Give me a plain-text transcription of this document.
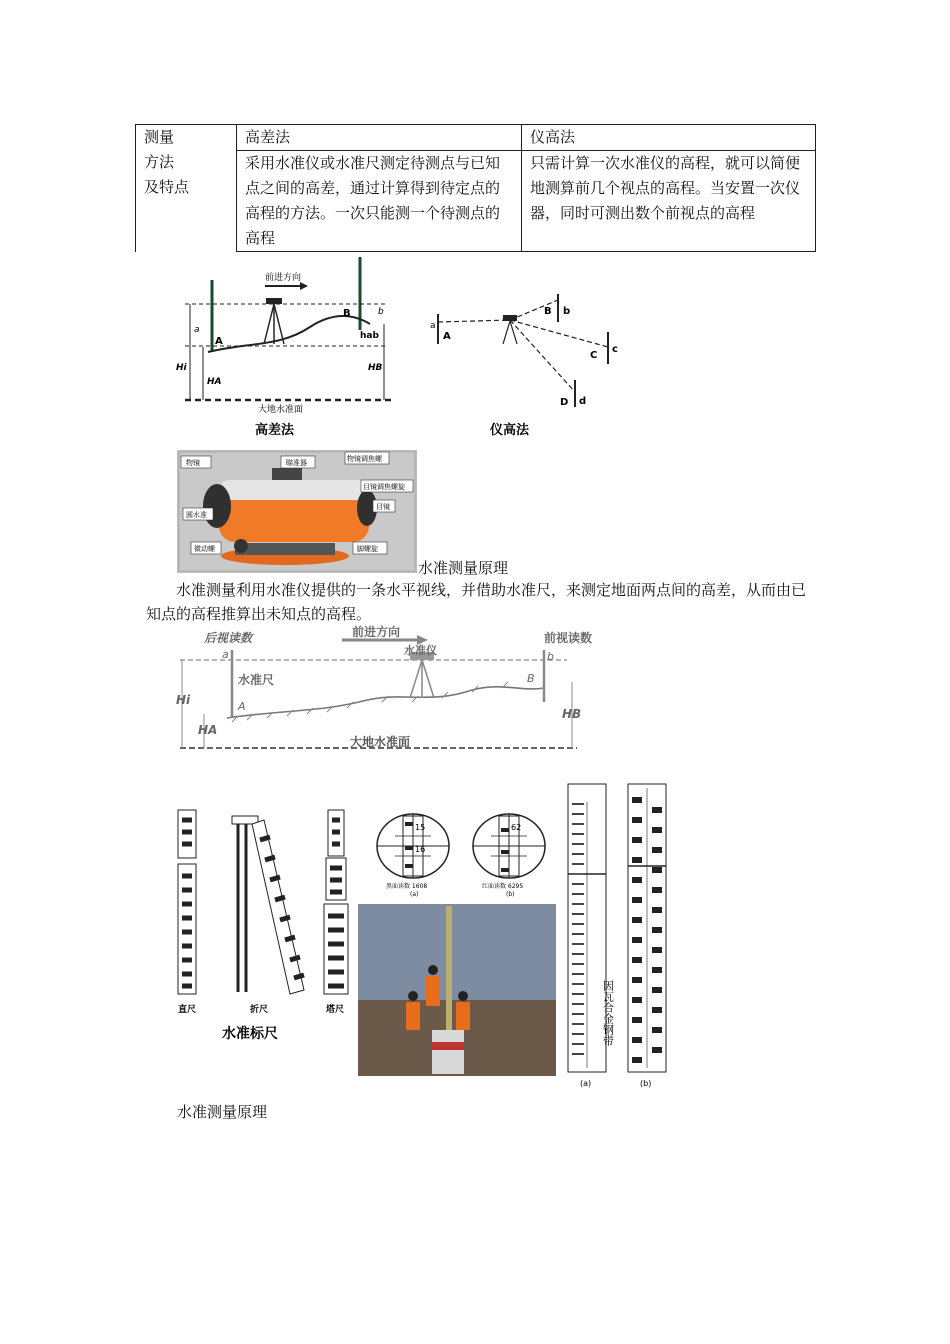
测量
方法
及特点	高差法	仪高法
	采用水准仪或水准尺测定待测点与已知点之间的高差，通过计算得到待定点的高程的方法。一次只能测一个待测点的高程	只需计算一次水准仪的高程，就可以简便地测算前几个视点的高程。当安置一次仪器，同时可测出数个前视点的高程
大地水准面
前进方向
a
A
B	b
hab
Hi
HA
HB
高差法
a
A
B b
C
c
D d
仪高法
物镜	瞄准器	物镜调焦螺
目镜调焦螺旋
目镜
圆水准
微动螺	脚螺旋
水准测量原理
水准测量利用水准仪提供的一条水平视线，并借助水准尺，来测定地面两点间的高差，从而由已知点的高程推算出未知点的高程。
大地水准面
前进方向
后视读数	前视读数
水准仪
水准尺
a	b
A
B
Hi
HA
HB
直尺	折尺	塔尺
水准标尺
15
16
黑面读数 1608
(a)
62
红面读数 6295
(b)
因瓦合金钢带
(a)	(b)
水准测量原理
